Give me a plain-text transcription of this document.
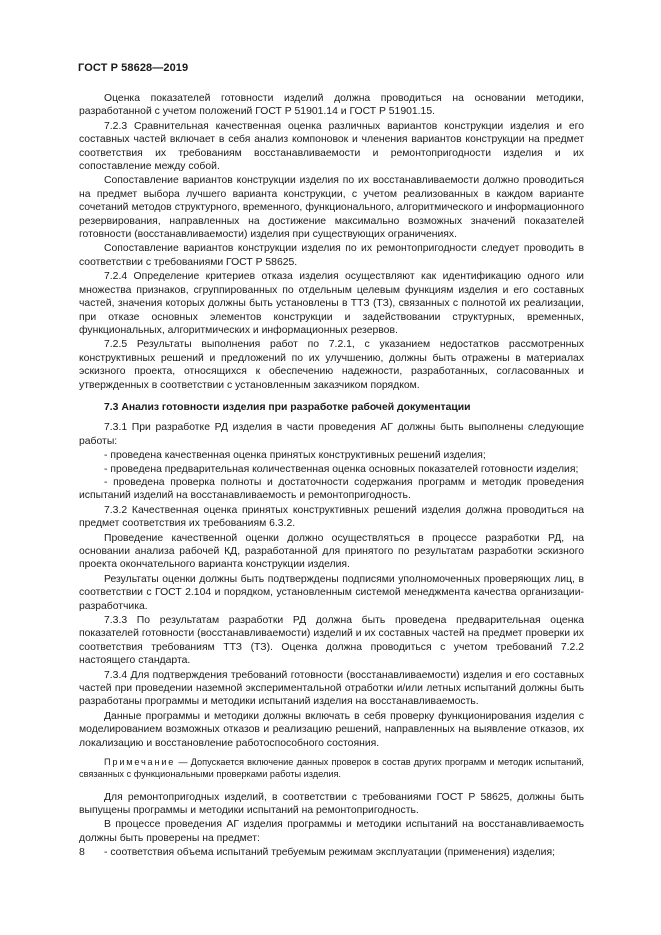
ГОСТ Р 58628—2019

Оценка показателей готовности изделий должна проводиться на основании методики, разработанной с учетом положений ГОСТ Р 51901.14 и ГОСТ Р 51901.15.

7.2.3 Сравнительная качественная оценка различных вариантов конструкции изделия и его составных частей включает в себя анализ компоновок и членения вариантов конструкции на предмет соответствия их требованиям восстанавливаемости и ремонтопригодности изделия и их сопоставление между собой.

Сопоставление вариантов конструкции изделия по их восстанавливаемости должно проводиться на предмет выбора лучшего варианта конструкции, с учетом реализованных в каждом варианте сочетаний методов структурного, временного, функционального, алгоритмического и информационного резервирования, направленных на достижение максимально возможных значений показателей готовности (восстанавливаемости) изделия при существующих ограничениях.

Сопоставление вариантов конструкции изделия по их ремонтопригодности следует проводить в соответствии с требованиями ГОСТ Р 58625.

7.2.4 Определение критериев отказа изделия осуществляют как идентификацию одного или множества признаков, сгруппированных по отдельным целевым функциям изделия и его составных частей, значения которых должны быть установлены в ТТЗ (ТЗ), связанных с полнотой их реализации, при отказе основных элементов конструкции и задействовании структурных, временных, функциональных, алгоритмических и информационных резервов.

7.2.5 Результаты выполнения работ по 7.2.1, с указанием недостатков рассмотренных конструктивных решений и предложений по их улучшению, должны быть отражены в материалах эскизного проекта, относящихся к обеспечению надежности, разработанных, согласованных и утвержденных в соответствии с установленным заказчиком порядком.

7.3 Анализ готовности изделия при разработке рабочей документации

7.3.1 При разработке РД изделия в части проведения АГ должны быть выполнены следующие работы:

- проведена качественная оценка принятых конструктивных решений изделия;
- проведена предварительная количественная оценка основных показателей готовности изделия;
- проведена проверка полноты и достаточности содержания программ и методик проведения испытаний изделий на восстанавливаемость и ремонтопригодность.

7.3.2 Качественная оценка принятых конструктивных решений изделия должна проводиться на предмет соответствия их требованиям 6.3.2.

Проведение качественной оценки должно осуществляться в процессе разработки РД, на основании анализа рабочей КД, разработанной для принятого по результатам разработки эскизного проекта окончательного варианта конструкции изделия.

Результаты оценки должны быть подтверждены подписями уполномоченных проверяющих лиц, в соответствии с ГОСТ 2.104 и порядком, установленным системой менеджмента качества организации-разработчика.

7.3.3 По результатам разработки РД должна быть проведена предварительная оценка показателей готовности (восстанавливаемости) изделий и их составных частей на предмет проверки их соответствия требованиям ТТЗ (ТЗ). Оценка должна проводиться с учетом требований 7.2.2 настоящего стандарта.

7.3.4 Для подтверждения требований готовности (восстанавливаемости) изделия и его составных частей при проведении наземной экспериментальной отработки и/или летных испытаний должны быть разработаны программы и методики испытаний изделия на восстанавливаемость.

Данные программы и методики должны включать в себя проверку функционирования изделия с моделированием возможных отказов и реализацию решений, направленных на выявление отказов, их локализацию и восстановление работоспособного состояния.

Примечание — Допускается включение данных проверок в состав других программ и методик испытаний, связанных с функциональными проверками работы изделия.

Для ремонтопригодных изделий, в соответствии с требованиями ГОСТ Р 58625, должны быть выпущены программы и методики испытаний на ремонтопригодность.

В процессе проведения АГ изделия программы и методики испытаний на восстанавливаемость должны быть проверены на предмет:

- соответствия объема испытаний требуемым режимам эксплуатации (применения) изделия;
8
